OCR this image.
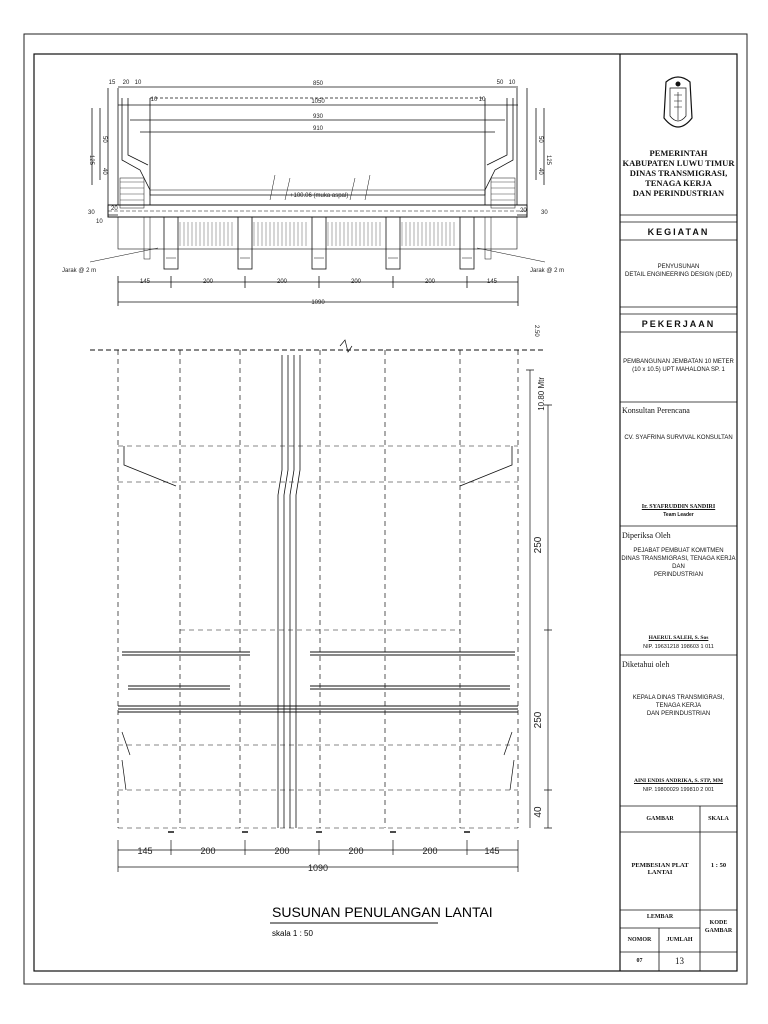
850
1050
930
910
15 20 10
10	10
50 10
50
125
40
50
125
40
20
30
10
20 30
+100.06 (muka aspal)
Jarak @ 2 m	Jarak @ 2 m
145	200	200	200	200	145
1090
2.50
10.80 Mtr
250
250
40
145	200	200	200	200	145
1090
SUSUNAN PENULANGAN LANTAI
skala 1 : 50
PEMERINTAH
KABUPATEN LUWU TIMUR
DINAS TRANSMIGRASI, TENAGA KERJA
DAN PERINDUSTRIAN
KEGIATAN
PENYUSUNAN
DETAIL ENGINEERING DESIGN (DED)
PEKERJAAN
PEMBANGUNAN JEMBATAN 10 METER
(10 x 10.5) UPT MAHALONA SP. 1
Konsultan Perencana
CV. SYAFRINA SURVIVAL KONSULTAN
Ir. SYAFRUDDIN SANDIRI
Team Leader
Diperiksa Oleh
PEJABAT PEMBUAT KOMITMEN
DINAS TRANSMIGRASI, TENAGA KERJA DAN
PERINDUSTRIAN
HAERUL SALEH, S. Sos
NIP. 19631218 198603 1 011
Diketahui oleh
KEPALA DINAS TRANSMIGRASI, TENAGA KERJA
DAN PERINDUSTRIAN
AINI ENDIS ANDRIKA, S. STP, MM
NIP. 19800029 199810 2 001
GAMBAR	SKALA
PEMBESIAN PLAT LANTAI
1 : 50
LEMBAR
KODE GAMBAR
NOMOR	JUMLAH
07	13
